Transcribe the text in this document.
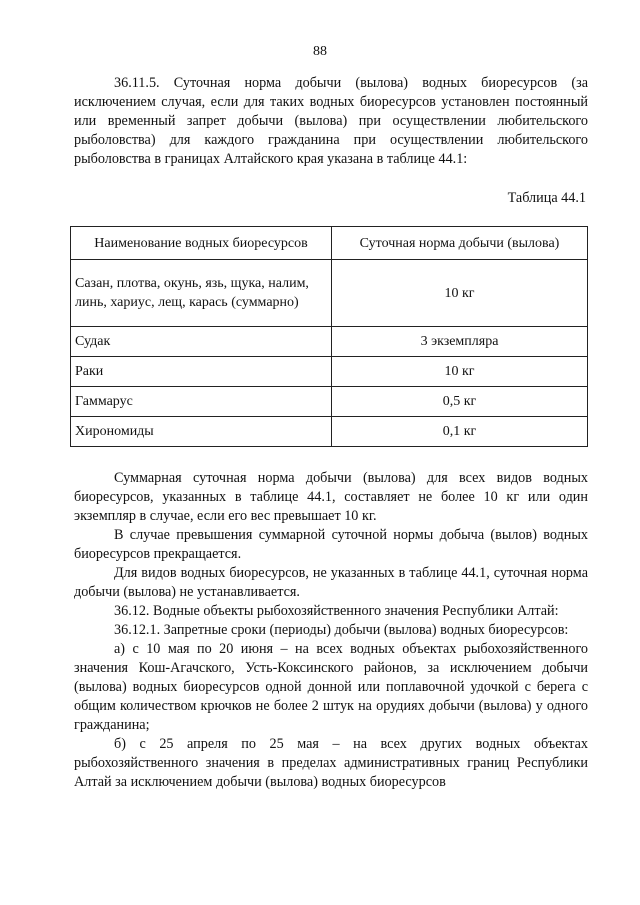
88

36.11.5. Суточная норма добычи (вылова) водных биоресурсов (за исключением случая, если для таких водных биоресурсов установлен постоянный или временный запрет добычи (вылова) при осуществлении любительского рыболовства) для каждого гражданина при осуществлении любительского рыболовства в границах Алтайского края указана в таблице 44.1:

Таблица 44.1
Наименование водных биоресурсов	Суточная норма добычи (вылова)
Сазан, плотва, окунь, язь, щука, налим, линь, хариус, лещ, карась (суммарно)	10 кг
Судак	3 экземпляра
Раки	10 кг
Гаммарус	0,5 кг
Хирономиды	0,1 кг

Суммарная суточная норма добычи (вылова) для всех видов водных биоресурсов, указанных в таблице 44.1, составляет не более 10 кг или один экземпляр в случае, если его вес превышает 10 кг.

В случае превышения суммарной суточной нормы добыча (вылов) водных биоресурсов прекращается.

Для видов водных биоресурсов, не указанных в таблице 44.1, суточная норма добычи (вылова) не устанавливается.

36.12. Водные объекты рыбохозяйственного значения Республики Алтай:

36.12.1. Запретные сроки (периоды) добычи (вылова) водных биоресурсов:

а) с 10 мая по 20 июня – на всех водных объектах рыбохозяйственного значения Кош-Агачского, Усть-Коксинского районов, за исключением добычи (вылова) водных биоресурсов одной донной или поплавочной удочкой с берега с общим количеством крючков не более 2 штук на орудиях добычи (вылова) у одного гражданина;

б) с 25 апреля по 25 мая – на всех других водных объектах рыбохозяйственного значения в пределах административных границ Республики Алтай за исключением добычи (вылова) водных биоресурсов
